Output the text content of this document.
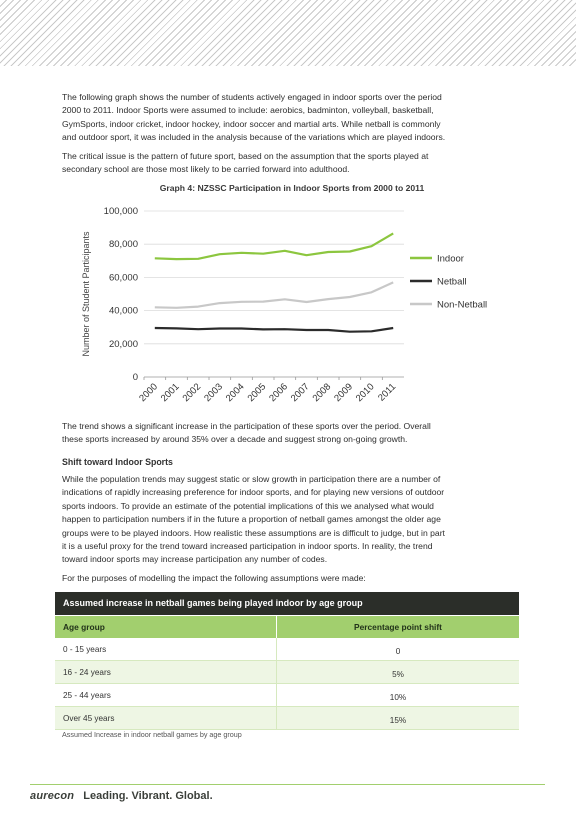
The following graph shows the number of students actively engaged in indoor sports over the period
2000 to 2011. Indoor Sports were assumed to include: aerobics, badminton, volleyball, basketball,
GymSports, indoor cricket, indoor hockey, indoor soccer and martial arts. While netball is commonly
and outdoor sport, it was included in the analysis because of the variations which are played indoors.
The critical issue is the pattern of future sport, based on the assumption that the sports played at
secondary school are those most likely to be carried forward into adulthood.
Graph 4: NZSSC Participation in Indoor Sports from 2000 to 2011
0
20,000
40,000
60,000
80,000
100,000
2000
2001
2002
2003
2004
2005
2006
2007
2008
2009
2010 2011
Number of Student Participants	Indoor
Netball
Non-Netball
The trend shows a significant increase in the participation of these sports over the period. Overall
these sports increased by around 35% over a decade and suggest strong on-going growth.
Shift toward Indoor Sports
While the population trends may suggest static or slow growth in participation there are a number of
indications of rapidly increasing preference for indoor sports, and for playing new versions of outdoor
sports indoors. To provide an estimate of the potential implications of this we analysed what would
happen to participation numbers if in the future a proportion of netball games amongst the older age
groups were to be played indoors. How realistic these assumptions are is difficult to judge, but in part
it is a useful proxy for the trend toward increased participation in indoor sports. In reality, the trend
toward indoor sports may increase participation any number of codes.
For the purposes of modelling the impact the following assumptions were made:
Assumed increase in netball games being played indoor by age group
Age group	Percentage point shift
0 - 15 years	0
16 - 24 years	5%
25 - 44 years	10%
Over 45 years	15%
Assumed Increase in indoor netball games by age group
aurecon Leading. Vibrant. Global.
